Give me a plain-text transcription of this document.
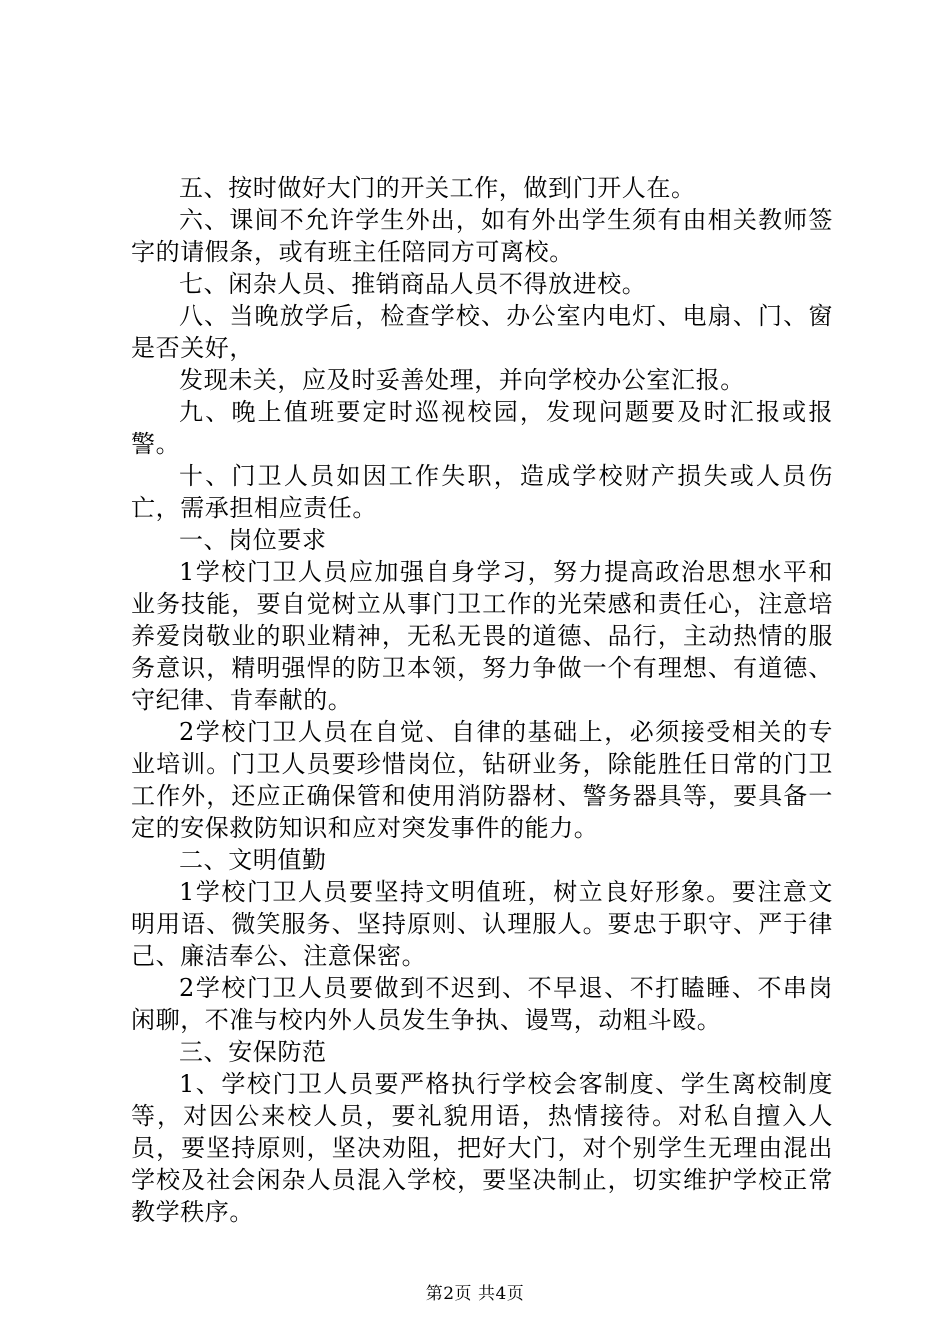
五、按时做好大门的开关工作，做到门开人在。

六、课间不允许学生外出，如有外出学生须有由相关教师签字的请假条，或有班主任陪同方可离校。

七、闲杂人员、推销商品人员不得放进校。

八、当晚放学后，检查学校、办公室内电灯、电扇、门、窗是否关好，

发现未关，应及时妥善处理，并向学校办公室汇报。

九、晚上值班要定时巡视校园，发现问题要及时汇报或报警。

十、门卫人员如因工作失职，造成学校财产损失或人员伤亡，需承担相应责任。

一、岗位要求

1学校门卫人员应加强自身学习，努力提高政治思想水平和业务技能，要自觉树立从事门卫工作的光荣感和责任心，注意培养爱岗敬业的职业精神，无私无畏的道德、品行，主动热情的服务意识，精明强悍的防卫本领，努力争做一个有理想、有道德、守纪律、肯奉献的。

2学校门卫人员在自觉、自律的基础上，必须接受相关的专业培训。门卫人员要珍惜岗位，钻研业务，除能胜任日常的门卫工作外，还应正确保管和使用消防器材、警务器具等，要具备一定的安保救防知识和应对突发事件的能力。

二、文明值勤

1学校门卫人员要坚持文明值班，树立良好形象。要注意文明用语、微笑服务、坚持原则、认理服人。要忠于职守、严于律己、廉洁奉公、注意保密。

2学校门卫人员要做到不迟到、不早退、不打瞌睡、不串岗闲聊，不准与校内外人员发生争执、谩骂，动粗斗殴。

三、安保防范

1、学校门卫人员要严格执行学校会客制度、学生离校制度等，对因公来校人员，要礼貌用语，热情接待。对私自擅入人员，要坚持原则，坚决劝阻，把好大门，对个别学生无理由混出学校及社会闲杂人员混入学校，要坚决制止，切实维护学校正常教学秩序。

第2页 共4页
